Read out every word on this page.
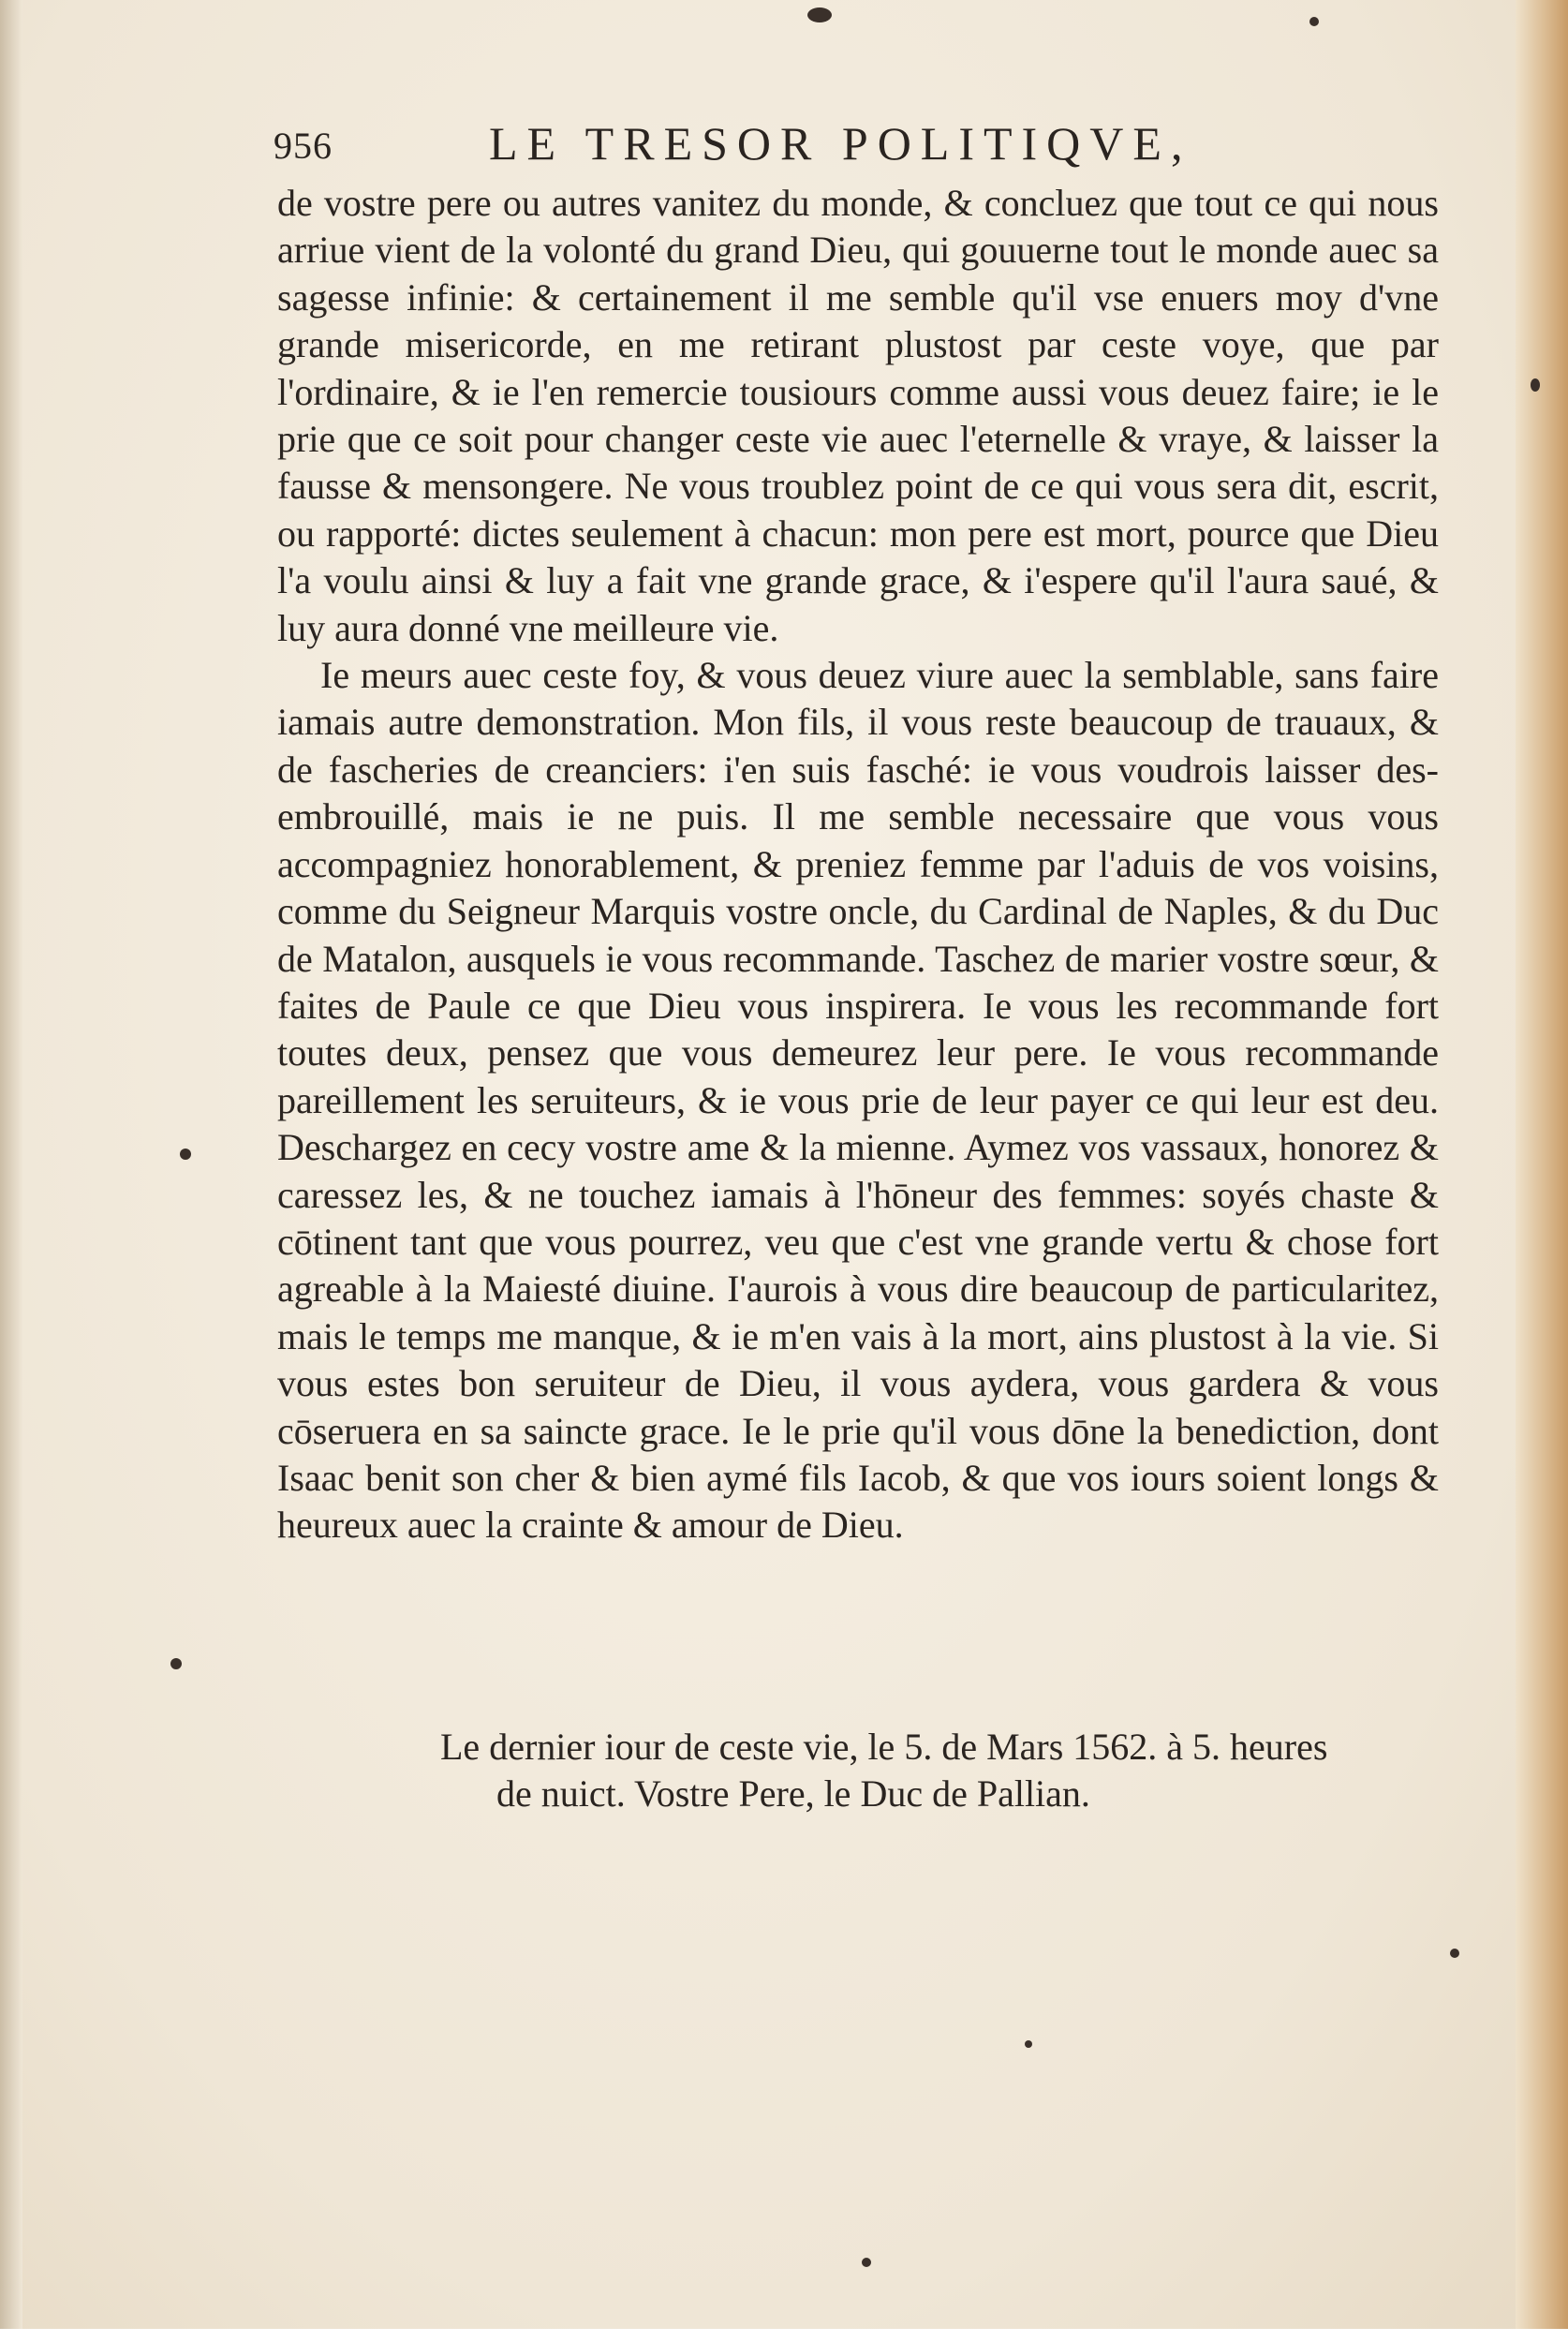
956	LE TRESOR POLITIQVE,

de vostre pere ou autres vanitez du monde, & concluez que tout ce qui nous arriue vient de la volonté du grand Dieu, qui gouuerne tout le monde auec sa sagesse infinie: & certainement il me semble qu'il vse enuers moy d'vne grande misericorde, en me retirant plustost par ceste voye, que par l'ordinaire, & ie l'en remercie tousiours comme aussi vous deuez faire; ie le prie que ce soit pour changer ceste vie auec l'eternelle & vraye, & laisser la fausse & mensongere. Ne vous troublez point de ce qui vous sera dit, escrit, ou rapporté: dictes seulement à chacun: mon pere est mort, pource que Dieu l'a voulu ainsi & luy a fait vne grande grace, & i'espere qu'il l'aura saué, & luy aura donné vne meilleure vie.

Ie meurs auec ceste foy, & vous deuez viure auec la semblable, sans faire iamais autre demonstration. Mon fils, il vous reste beaucoup de trauaux, & de fascheries de creanciers: i'en suis fasché: ie vous voudrois laisser des-embrouillé, mais ie ne puis. Il me semble necessaire que vous vous accompagniez honorablement, & preniez femme par l'aduis de vos voisins, comme du Seigneur Marquis vostre oncle, du Cardinal de Naples, & du Duc de Matalon, ausquels ie vous recommande. Taschez de marier vostre sœur, & faites de Paule ce que Dieu vous inspirera. Ie vous les recommande fort toutes deux, pensez que vous demeurez leur pere. Ie vous recommande pareillement les seruiteurs, & ie vous prie de leur payer ce qui leur est deu. Deschargez en cecy vostre ame & la mienne. Aymez vos vassaux, honorez & caressez les, & ne touchez iamais à l'hōneur des femmes: soyés chaste & cōtinent tant que vous pourrez, veu que c'est vne grande vertu & chose fort agreable à la Maiesté diuine. I'aurois à vous dire beaucoup de particularitez, mais le temps me manque, & ie m'en vais à la mort, ains plustost à la vie. Si vous estes bon seruiteur de Dieu, il vous aydera, vous gardera & vous cōseruera en sa saincte grace. Ie le prie qu'il vous dōne la benediction, dont Isaac benit son cher & bien aymé fils Iacob, & que vos iours soient longs & heureux auec la crainte & amour de Dieu.

Le dernier iour de ceste vie, le 5. de Mars 1562. à 5. heures
de nuict. Vostre Pere, le Duc de Pallian.
